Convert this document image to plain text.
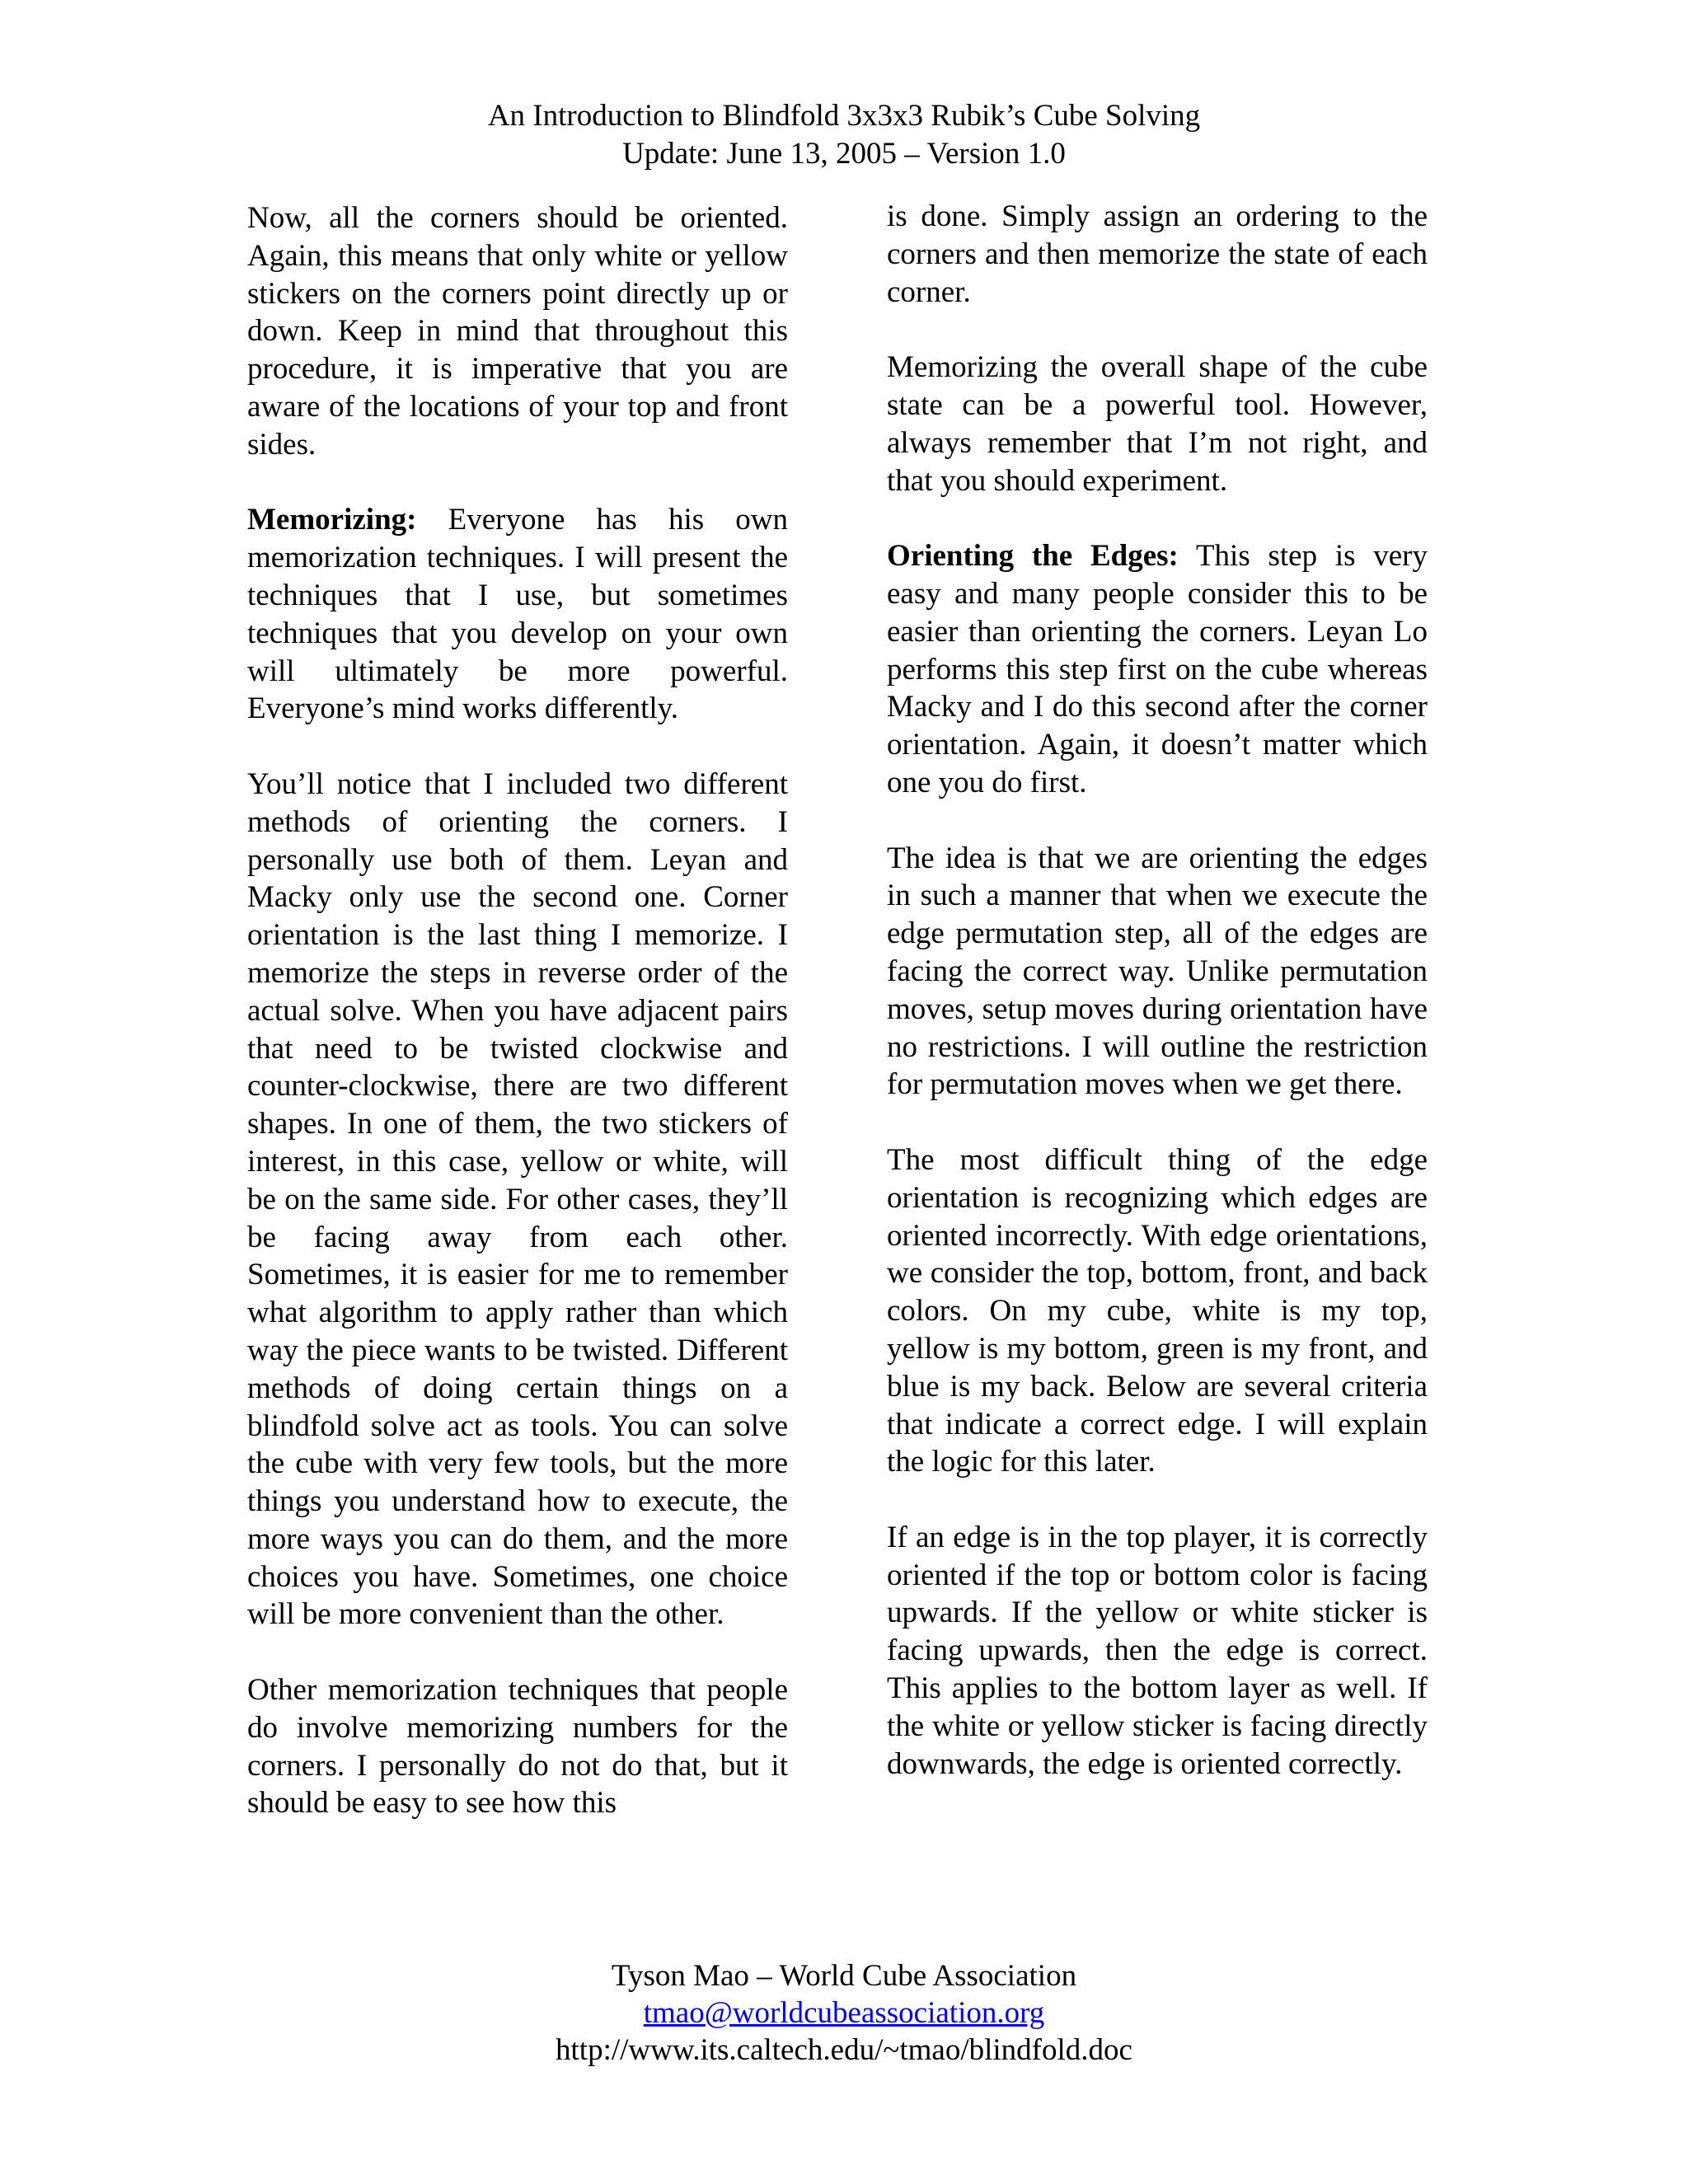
An Introduction to Blindfold 3x3x3 Rubik’s Cube Solving
Update: June 13, 2005 – Version 1.0

Now, all the corners should be oriented. Again, this means that only white or yellow stickers on the corners point directly up or down. Keep in mind that throughout this procedure, it is imperative that you are aware of the locations of your top and front sides.

Memorizing: Everyone has his own memorization techniques. I will present the techniques that I use, but sometimes techniques that you develop on your own will ultimately be more powerful. Everyone’s mind works differently.

You’ll notice that I included two different methods of orienting the corners. I personally use both of them. Leyan and Macky only use the second one. Corner orientation is the last thing I memorize. I memorize the steps in reverse order of the actual solve. When you have adjacent pairs that need to be twisted clockwise and counter-clockwise, there are two different shapes. In one of them, the two stickers of interest, in this case, yellow or white, will be on the same side. For other cases, they’ll be facing away from each other. Sometimes, it is easier for me to remember what algorithm to apply rather than which way the piece wants to be twisted. Different methods of doing certain things on a blindfold solve act as tools. You can solve the cube with very few tools, but the more things you understand how to execute, the more ways you can do them, and the more choices you have. Sometimes, one choice will be more convenient than the other.

Other memorization techniques that people do involve memorizing numbers for the corners. I personally do not do that, but it should be easy to see how this

is done. Simply assign an ordering to the corners and then memorize the state of each corner.

Memorizing the overall shape of the cube state can be a powerful tool. However, always remember that I’m not right, and that you should experiment.

Orienting the Edges: This step is very easy and many people consider this to be easier than orienting the corners. Leyan Lo performs this step first on the cube whereas Macky and I do this second after the corner orientation. Again, it doesn’t matter which one you do first.

The idea is that we are orienting the edges in such a manner that when we execute the edge permutation step, all of the edges are facing the correct way. Unlike permutation moves, setup moves during orientation have no restrictions. I will outline the restriction for permutation moves when we get there.

The most difficult thing of the edge orientation is recognizing which edges are oriented incorrectly. With edge orientations, we consider the top, bottom, front, and back colors. On my cube, white is my top, yellow is my bottom, green is my front, and blue is my back. Below are several criteria that indicate a correct edge. I will explain the logic for this later.

If an edge is in the top player, it is correctly oriented if the top or bottom color is facing upwards. If the yellow or white sticker is facing upwards, then the edge is correct. This applies to the bottom layer as well. If the white or yellow sticker is facing directly downwards, the edge is oriented correctly.

Tyson Mao – World Cube Association
tmao@worldcubeassociation.org
http://www.its.caltech.edu/~tmao/blindfold.doc
